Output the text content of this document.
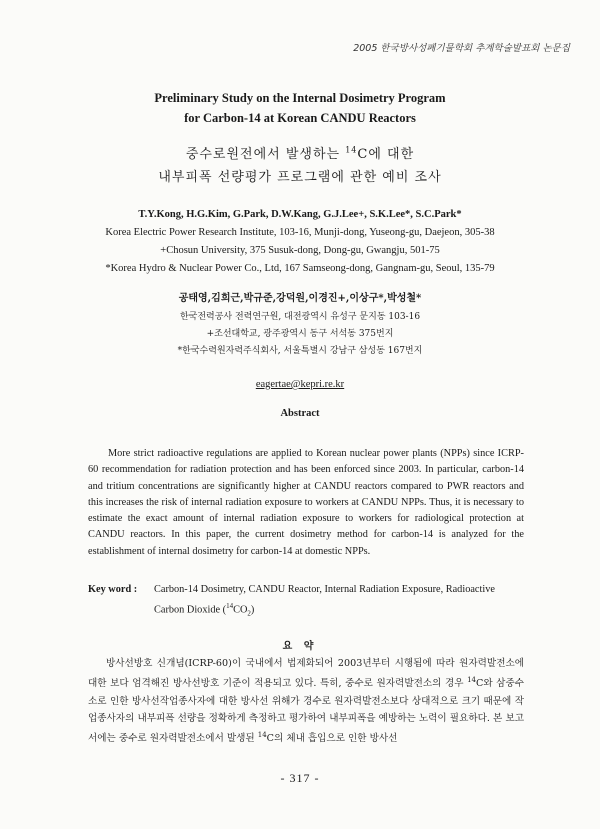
2005 한국방사성폐기물학회 추계학술발표회 논문집
Preliminary Study on the Internal Dosimetry Program
for Carbon-14 at Korean CANDU Reactors
중수로원전에서 발생하는 $^{14}$C에 대한
내부피폭 선량평가 프로그램에 관한 예비 조사
T.Y.Kong, H.G.Kim, G.Park, D.W.Kang, G.J.Lee+, S.K.Lee*, S.C.Park*
Korea Electric Power Research Institute, 103-16, Munji-dong, Yuseong-gu, Daejeon, 305-38
+Chosun University, 375 Susuk-dong, Dong-gu, Gwangju, 501-75
*Korea Hydro & Nuclear Power Co., Ltd, 167 Samseong-dong, Gangnam-gu, Seoul, 135-79
공태영,김희근,박규준,강덕원,이경진+,이상구*,박성철*
한국전력공사 전력연구원, 대전광역시 유성구 문지동 103-16
+조선대학교, 광주광역시 동구 서석동 375번지
*한국수력원자력주식회사, 서울특별시 강남구 삼성동 167번지
eagertae@kepri.re.kr
Abstract

More strict radioactive regulations are applied to Korean nuclear power plants (NPPs) since ICRP-60 recommendation for radiation protection and has been enforced since 2003. In particular, carbon-14 and tritium concentrations are significantly higher at CANDU reactors compared to PWR reactors and this increases the risk of internal radiation exposure to workers at CANDU NPPs. Thus, it is necessary to estimate the exact amount of internal radiation exposure to workers for radiological protection at CANDU reactors. In this paper, the current dosimetry method for carbon-14 is analyzed for the establishment of internal dosimetry for carbon-14 at domestic NPPs.

Key word : Carbon-14 Dosimetry, CANDU Reactor, Internal Radiation Exposure, Radioactive Carbon Dioxide $(^{14}CO_2)$
요 약

방사선방호 신개념(ICRP-60)이 국내에서 법제화되어 2003년부터 시행됨에 따라 원자력발전소에 대한 보다 엄격해진 방사선방호 기준이 적용되고 있다. 특히, 중수로 원자력발전소의 경우 $^{14}$C와 삼중수소로 인한 방사선작업종사자에 대한 방사선 위해가 경수로 원자력발전소보다 상대적으로 크기 때문에 작업종사자의 내부피폭 선량을 정확하게 측정하고 평가하여 내부피폭을 예방하는 노력이 필요하다. 본 보고서에는 중수로 원자력발전소에서 발생된 $^{14}$C의 체내 흡입으로 인한 방사선

- 317 -
